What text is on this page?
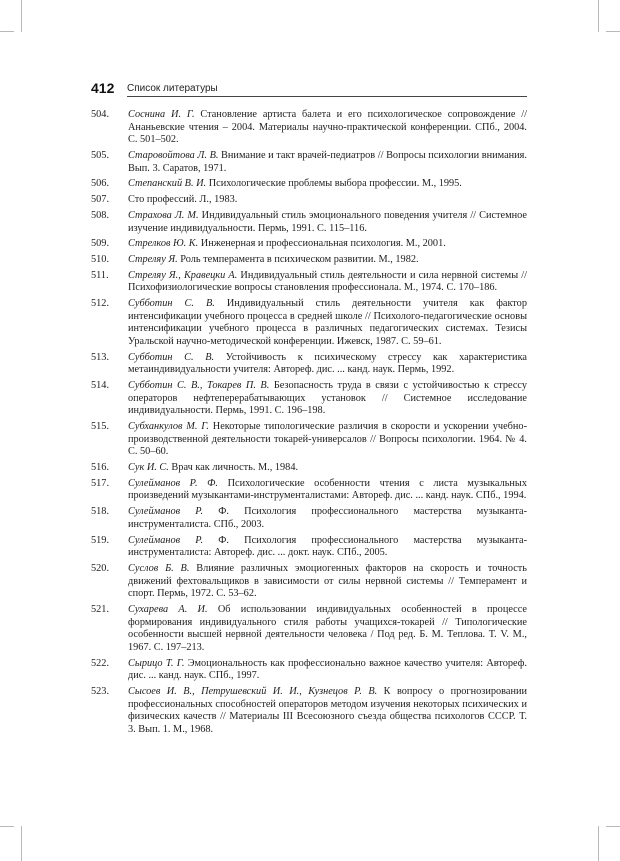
412 Список литературы
504. Соснина И. Г. Становление артиста балета и его психологическое сопровождение // Ананьевские чтения – 2004. Материалы научно-практической конференции. СПб., 2004. С. 501–502.
505. Старовойтова Л. В. Внимание и такт врачей-педиатров // Вопросы психологии внимания. Вып. 3. Саратов, 1971.
506. Степанский В. И. Психологические проблемы выбора профессии. М., 1995.
507. Сто профессий. Л., 1983.
508. Страхова Л. М. Индивидуальный стиль эмоционального поведения учителя // Системное изучение индивидуальности. Пермь, 1991. С. 115–116.
509. Стрелков Ю. К. Инженерная и профессиональная психология. М., 2001.
510. Стреляу Я. Роль темперамента в психическом развитии. М., 1982.
511. Стреляу Я., Кравецки А. Индивидуальный стиль деятельности и сила нервной системы // Психофизиологические вопросы становления профессионала. М., 1974. С. 170–186.
512. Субботин С. В. Индивидуальный стиль деятельности учителя как фактор интенсификации учебного процесса в средней школе // Психолого-педагогические основы интенсификации учебного процесса в различных педагогических системах. Тезисы Уральской научно-методической конференции. Ижевск, 1987. С. 59–61.
513. Субботин С. В. Устойчивость к психическому стрессу как характеристика метаиндивидуальности учителя: Автореф. дис. ... канд. наук. Пермь, 1992.
514. Субботин С. В., Токарев П. В. Безопасность труда в связи с устойчивостью к стрессу операторов нефтеперерабатывающих установок // Системное исследование индивидуальности. Пермь, 1991. С. 196–198.
515. Субханкулов М. Г. Некоторые типологические различия в скорости и ускорении учебно-производственной деятельности токарей-универсалов // Вопросы психологии. 1964. № 4. С. 50–60.
516. Сук И. С. Врач как личность. М., 1984.
517. Сулейманов Р. Ф. Психологические особенности чтения с листа музыкальных произведений музыкантами-инструменталистами: Автореф. дис. ... канд. наук. СПб., 1994.
518. Сулейманов Р. Ф. Психология профессионального мастерства музыканта-инструменталиста. СПб., 2003.
519. Сулейманов Р. Ф. Психология профессионального мастерства музыканта-инструменталиста: Автореф. дис. ... докт. наук. СПб., 2005.
520. Суслов Б. В. Влияние различных эмоциогенных факторов на скорость и точность движений фехтовальщиков в зависимости от силы нервной системы // Темперамент и спорт. Пермь, 1972. С. 53–62.
521. Сухарева А. И. Об использовании индивидуальных особенностей в процессе формирования индивидуального стиля работы учащихся-токарей // Типологические особенности высшей нервной деятельности человека / Под ред. Б. М. Теплова. Т. V. М., 1967. С. 197–213.
522. Сырицо Т. Г. Эмоциональность как профессионально важное качество учителя: Автореф. дис. ... канд. наук. СПб., 1997.
523. Сысоев И. В., Петрушевский И. И., Кузнецов Р. В. К вопросу о прогнозировании профессиональных способностей операторов методом изучения некоторых психических и физических качеств // Материалы III Всесоюзного съезда общества психологов СССР. Т. 3. Вып. 1. М., 1968.
